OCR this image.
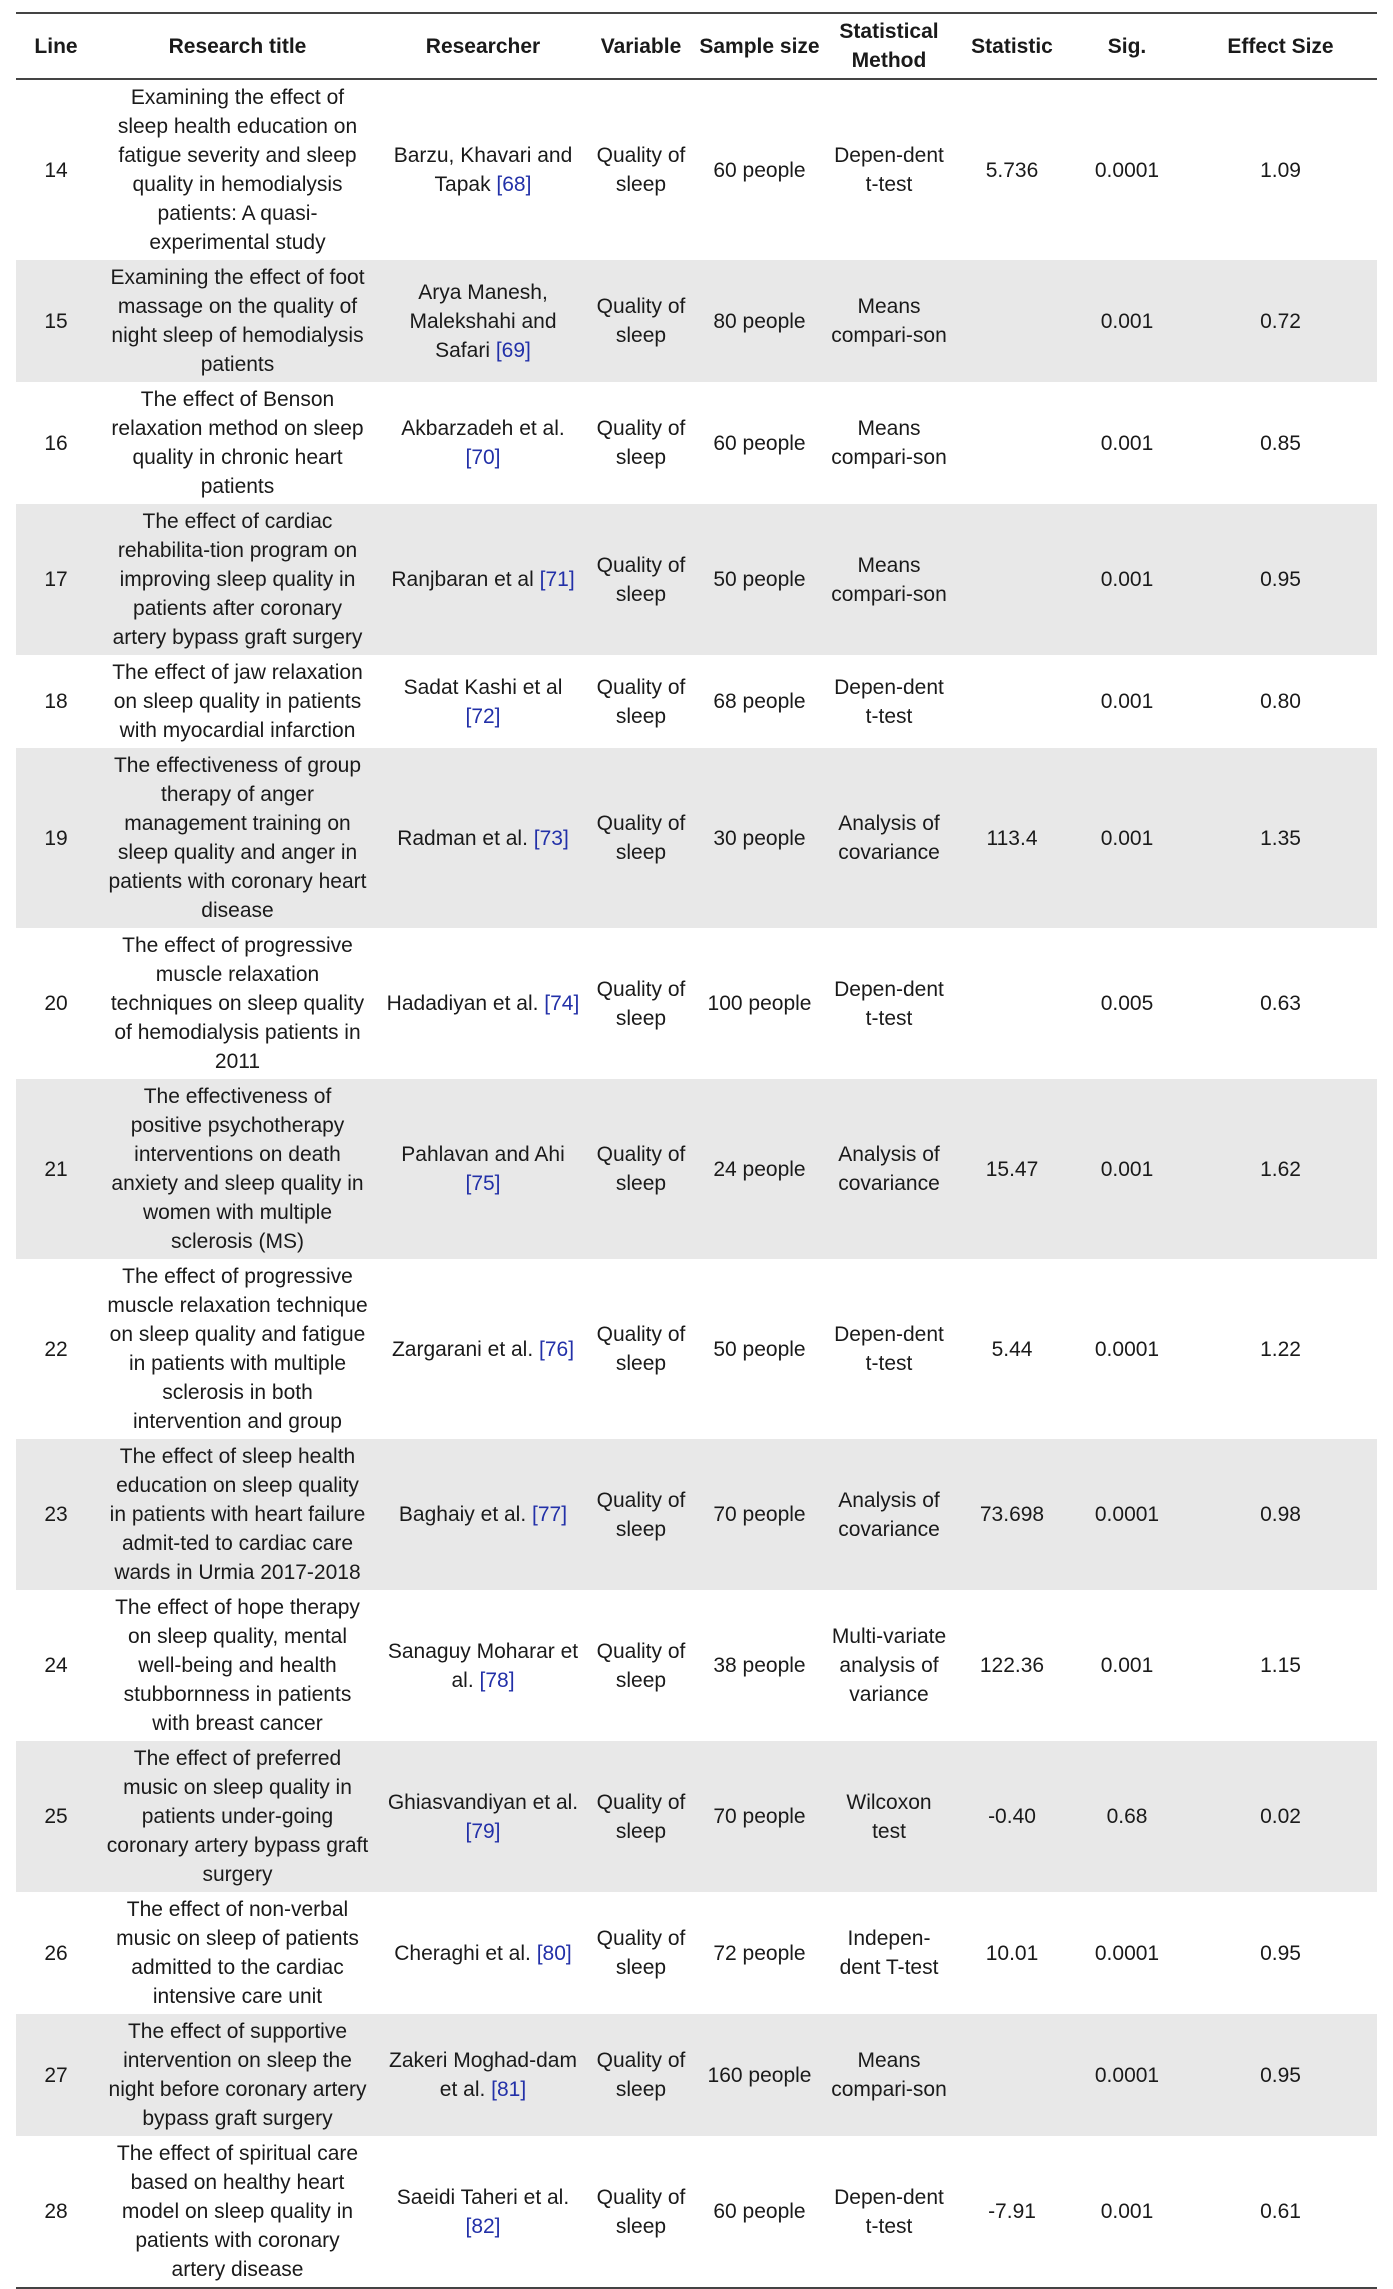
Line	Research title	Researcher	Variable	Sample size	Statistical Method	Statistic	Sig.	Effect Size
14	Examining the effect of sleep health education on fatigue severity and sleep quality in hemodialysis patients: A quasi-experimental study	Barzu, Khavari and Tapak [68]	Quality of sleep	60 people	Depen-dent t-test	5.736	0.0001	1.09
15	Examining the effect of foot massage on the quality of night sleep of hemodialysis patients	Arya Manesh, Malekshahi and Safari [69]	Quality of sleep	80 people	Means compari-son		0.001	0.72
16	The effect of Benson relaxation method on sleep quality in chronic heart patients	Akbarzadeh et al. [70]	Quality of sleep	60 people	Means compari-son		0.001	0.85
17	The effect of cardiac rehabilita-tion program on improving sleep quality in patients after coronary artery bypass graft surgery	Ranjbaran et al [71]	Quality of sleep	50 people	Means compari-son		0.001	0.95
18	The effect of jaw relaxation on sleep quality in patients with myocardial infarction	Sadat Kashi et al [72]	Quality of sleep	68 people	Depen-dent t-test		0.001	0.80
19	The effectiveness of group therapy of anger management training on sleep quality and anger in patients with coronary heart disease	Radman et al. [73]	Quality of sleep	30 people	Analysis of covariance	113.4	0.001	1.35
20	The effect of progressive muscle relaxation techniques on sleep quality of hemodialysis patients in 2011	Hadadiyan et al. [74]	Quality of sleep	100 people	Depen-dent t-test		0.005	0.63
21	The effectiveness of positive psychotherapy interventions on death anxiety and sleep quality in women with multiple sclerosis (MS)	Pahlavan and Ahi [75]	Quality of sleep	24 people	Analysis of covariance	15.47	0.001	1.62
22	The effect of progressive muscle relaxation technique on sleep quality and fatigue in patients with multiple sclerosis in both intervention and group	Zargarani et al. [76]	Quality of sleep	50 people	Depen-dent t-test	5.44	0.0001	1.22
23	The effect of sleep health education on sleep quality in patients with heart failure admit-ted to cardiac care wards in Urmia 2017-2018	Baghaiy et al. [77]	Quality of sleep	70 people	Analysis of covariance	73.698	0.0001	0.98
24	The effect of hope therapy on sleep quality, mental well-being and health stubbornness in patients with breast cancer	Sanaguy Moharar et al. [78]	Quality of sleep	38 people	Multi-variate analysis of variance	122.36	0.001	1.15
25	The effect of preferred music on sleep quality in patients under-going coronary artery bypass graft surgery	Ghiasvandiyan et al. [79]	Quality of sleep	70 people	Wilcoxon test	-0.40	0.68	0.02
26	The effect of non-verbal music on sleep of patients admitted to the cardiac intensive care unit	Cheraghi et al. [80]	Quality of sleep	72 people	Indepen-dent T-test	10.01	0.0001	0.95
27	The effect of supportive intervention on sleep the night before coronary artery bypass graft surgery	Zakeri Moghad-dam et al. [81]	Quality of sleep	160 people	Means compari-son		0.0001	0.95
28	The effect of spiritual care based on healthy heart model on sleep quality in patients with coronary artery disease	Saeidi Taheri et al. [82]	Quality of sleep	60 people	Depen-dent t-test	-7.91	0.001	0.61
